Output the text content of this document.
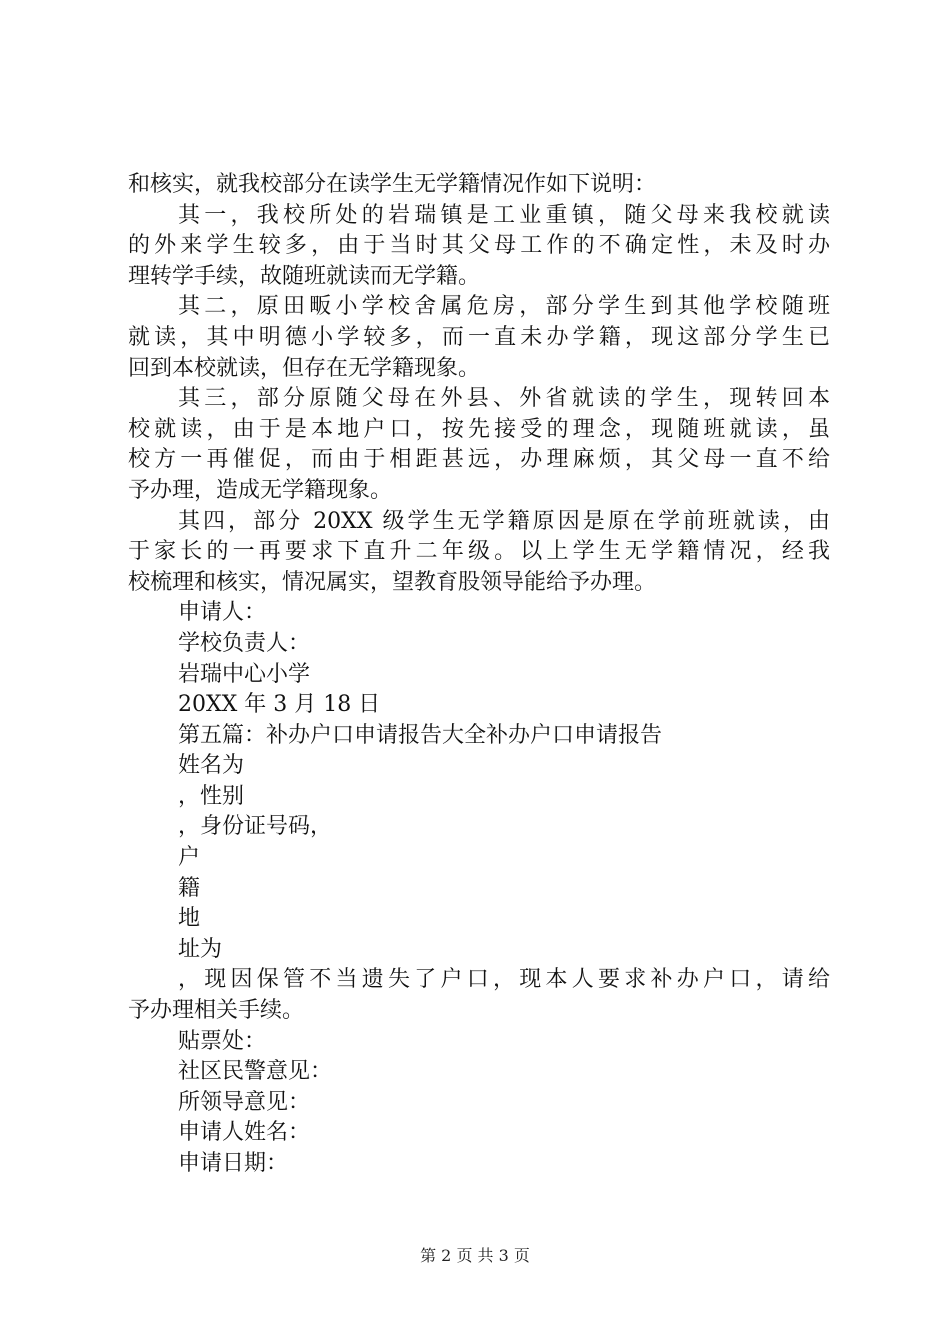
和核实，就我校部分在读学生无学籍情况作如下说明：
其一，我校所处的岩瑞镇是工业重镇，随父母来我校就读
的外来学生较多，由于当时其父母工作的不确定性，未及时办
理转学手续，故随班就读而无学籍。
其二，原田畈小学校舍属危房，部分学生到其他学校随班
就读，其中明德小学较多，而一直未办学籍，现这部分学生已
回到本校就读，但存在无学籍现象。
其三，部分原随父母在外县、外省就读的学生，现转回本
校就读，由于是本地户口，按先接受的理念，现随班就读，虽
校方一再催促，而由于相距甚远，办理麻烦，其父母一直不给
予办理，造成无学籍现象。
其四，部分 20XX 级学生无学籍原因是原在学前班就读，由
于家长的一再要求下直升二年级。以上学生无学籍情况，经我
校梳理和核实，情况属实，望教育股领导能给予办理。
申请人：
学校负责人：
岩瑞中心小学
20XX 年 3 月 18 日
第五篇：补办户口申请报告大全补办户口申请报告
姓名为
，性别
，身份证号码，
户
籍
地
址为
，现因保管不当遗失了户口，现本人要求补办户口，请给
予办理相关手续。
贴票处：
社区民警意见：
所领导意见：
申请人姓名：
申请日期：
第 2 页 共 3 页
